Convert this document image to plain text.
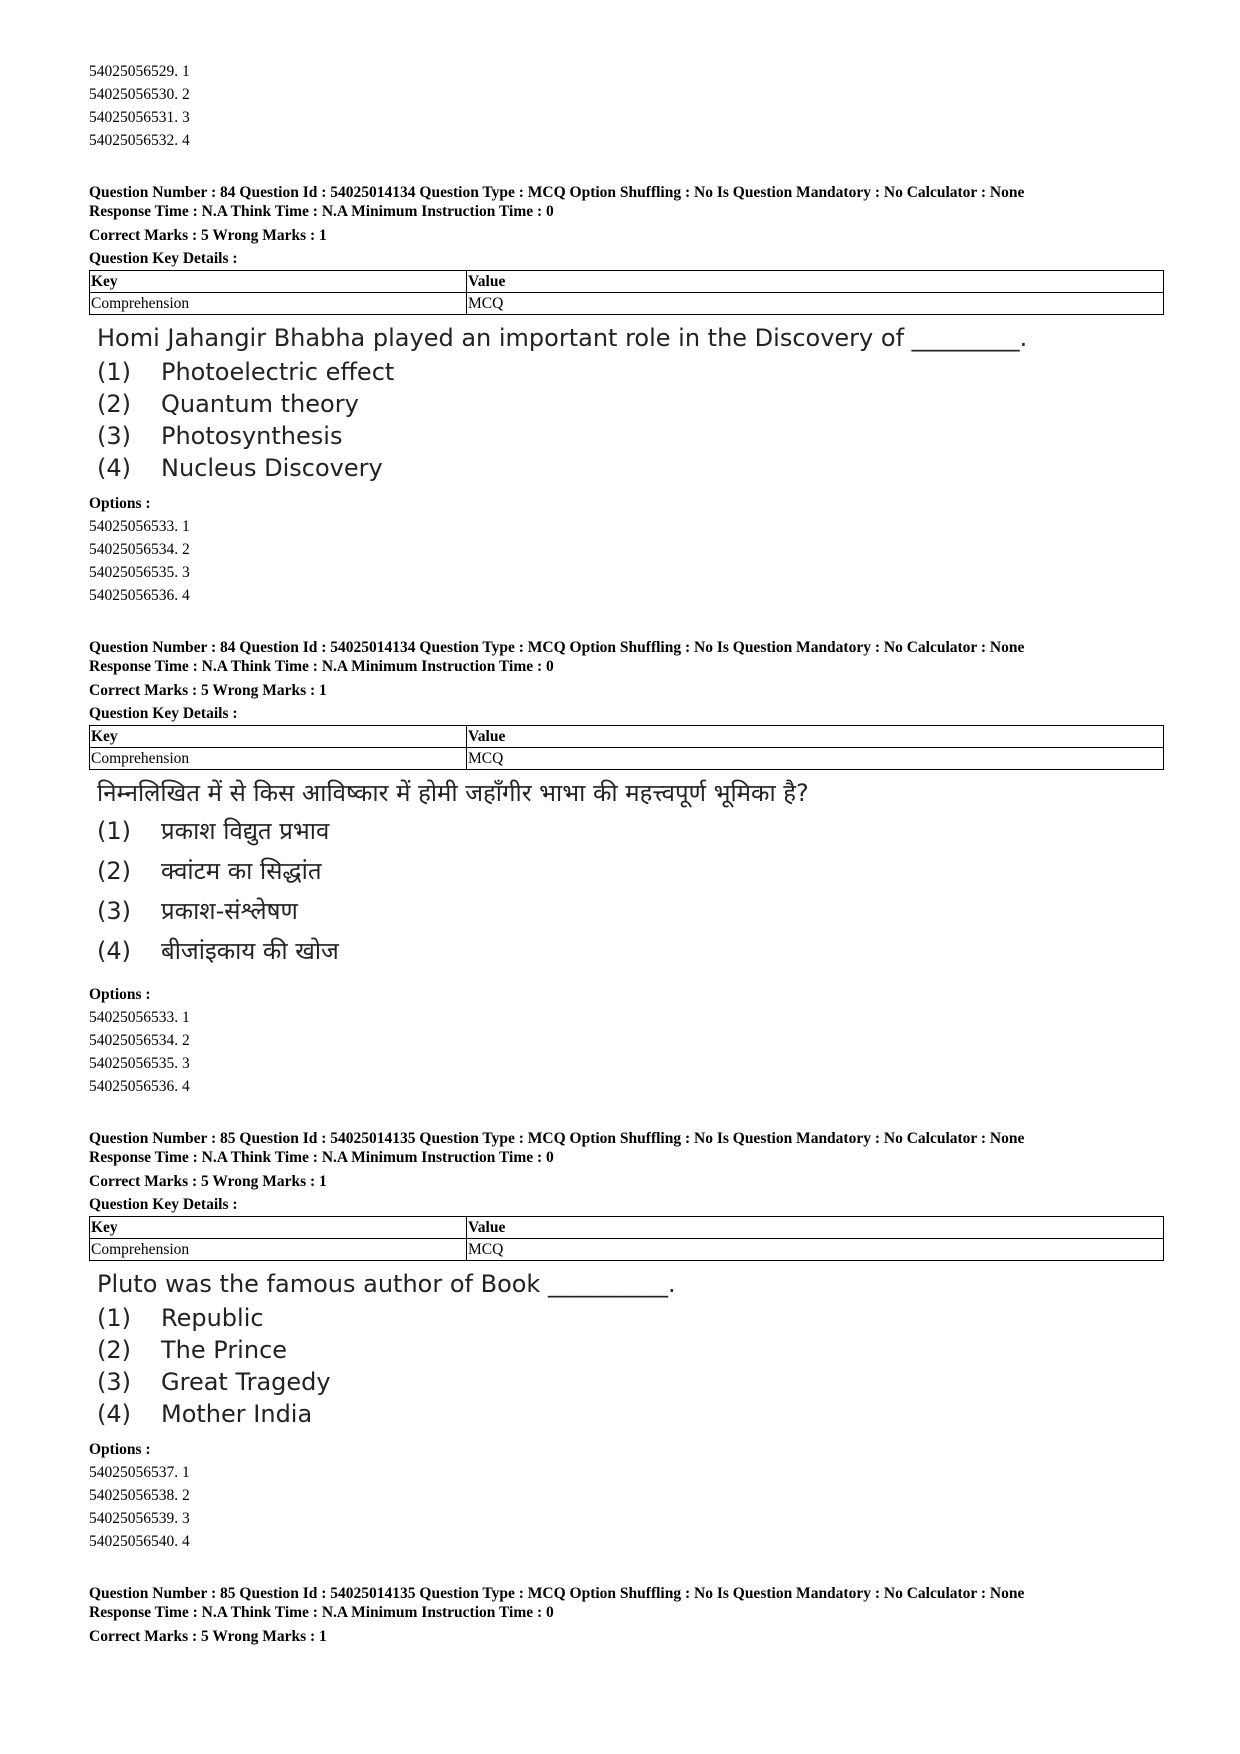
54025056529. 1
54025056530. 2
54025056531. 3
54025056532. 4
Question Number : 84 Question Id : 54025014134 Question Type : MCQ Option Shuffling : No Is Question Mandatory : No Calculator : None
Response Time : N.A Think Time : N.A Minimum Instruction Time : 0
Correct Marks : 5 Wrong Marks : 1
Question Key Details :
Key	Value
Comprehension	MCQ
Homi Jahangir Bhabha played an important role in the Discovery of _________.
(1) Photoelectric effect
(2) Quantum theory
(3) Photosynthesis
(4) Nucleus Discovery
Options :
54025056533. 1
54025056534. 2
54025056535. 3
54025056536. 4
Question Number : 84 Question Id : 54025014134 Question Type : MCQ Option Shuffling : No Is Question Mandatory : No Calculator : None
Response Time : N.A Think Time : N.A Minimum Instruction Time : 0
Correct Marks : 5 Wrong Marks : 1
Question Key Details :
Key	Value
Comprehension	MCQ
निम्नलिखित में से किस आविष्कार में होमी जहाँगीर भाभा की महत्त्वपूर्ण भूमिका है?
(1) प्रकाश विद्युत प्रभाव
(2) क्वांटम का सिद्धांत
(3) प्रकाश-संश्लेषण
(4) बीजांइकाय की खोज
Options :
54025056533. 1
54025056534. 2
54025056535. 3
54025056536. 4
Question Number : 85 Question Id : 54025014135 Question Type : MCQ Option Shuffling : No Is Question Mandatory : No Calculator : None
Response Time : N.A Think Time : N.A Minimum Instruction Time : 0
Correct Marks : 5 Wrong Marks : 1
Question Key Details :
Key	Value
Comprehension	MCQ
Pluto was the famous author of Book __________.
(1) Republic
(2) The Prince
(3) Great Tragedy
(4) Mother India
Options :
54025056537. 1
54025056538. 2
54025056539. 3
54025056540. 4
Question Number : 85 Question Id : 54025014135 Question Type : MCQ Option Shuffling : No Is Question Mandatory : No Calculator : None
Response Time : N.A Think Time : N.A Minimum Instruction Time : 0
Correct Marks : 5 Wrong Marks : 1
